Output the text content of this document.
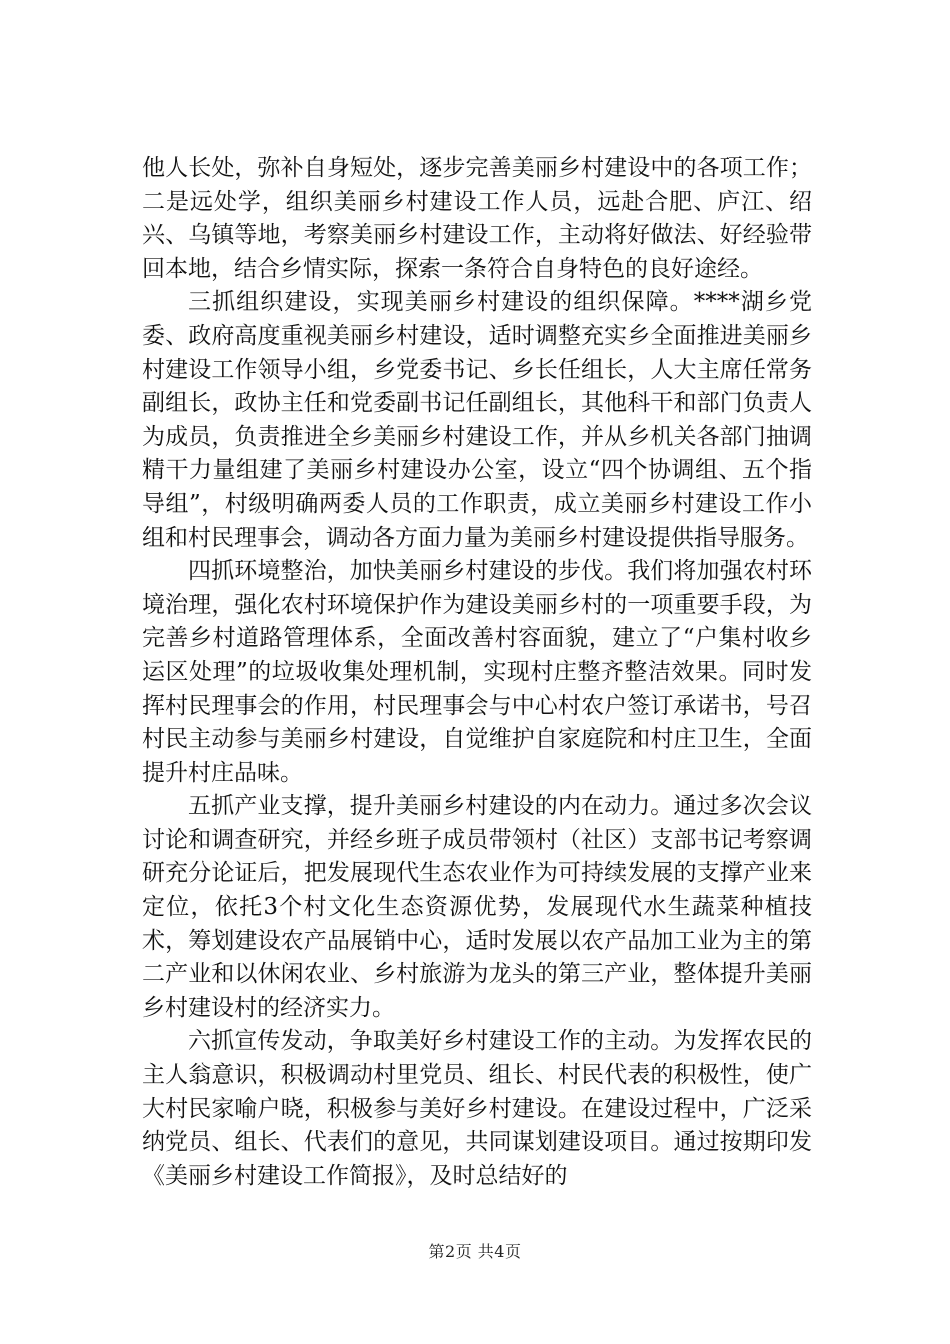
他人长处，弥补自身短处，逐步完善美丽乡村建设中的各项工作；二是远处学，组织美丽乡村建设工作人员，远赴合肥、庐江、绍兴、乌镇等地，考察美丽乡村建设工作，主动将好做法、好经验带回本地，结合乡情实际，探索一条符合自身特色的良好途经。

三抓组织建设，实现美丽乡村建设的组织保障。****湖乡党委、政府高度重视美丽乡村建设，适时调整充实乡全面推进美丽乡村建设工作领导小组，乡党委书记、乡长任组长，人大主席任常务副组长，政协主任和党委副书记任副组长，其他科干和部门负责人为成员，负责推进全乡美丽乡村建设工作，并从乡机关各部门抽调精干力量组建了美丽乡村建设办公室，设立“四个协调组、五个指导组”，村级明确两委人员的工作职责，成立美丽乡村建设工作小组和村民理事会，调动各方面力量为美丽乡村建设提供指导服务。

四抓环境整治，加快美丽乡村建设的步伐。我们将加强农村环境治理，强化农村环境保护作为建设美丽乡村的一项重要手段，为完善乡村道路管理体系，全面改善村容面貌，建立了“户集村收乡运区处理”的垃圾收集处理机制，实现村庄整齐整洁效果。同时发挥村民理事会的作用，村民理事会与中心村农户签订承诺书，号召村民主动参与美丽乡村建设，自觉维护自家庭院和村庄卫生，全面提升村庄品味。

五抓产业支撑，提升美丽乡村建设的内在动力。通过多次会议讨论和调查研究，并经乡班子成员带领村（社区）支部书记考察调研充分论证后，把发展现代生态农业作为可持续发展的支撑产业来定位，依托3个村文化生态资源优势，发展现代水生蔬菜种植技术，筹划建设农产品展销中心，适时发展以农产品加工业为主的第二产业和以休闲农业、乡村旅游为龙头的第三产业，整体提升美丽乡村建设村的经济实力。

六抓宣传发动，争取美好乡村建设工作的主动。为发挥农民的主人翁意识，积极调动村里党员、组长、村民代表的积极性，使广大村民家喻户晓，积极参与美好乡村建设。在建设过程中，广泛采纳党员、组长、代表们的意见，共同谋划建设项目。通过按期印发《美丽乡村建设工作简报》，及时总结好的

第2页 共4页
